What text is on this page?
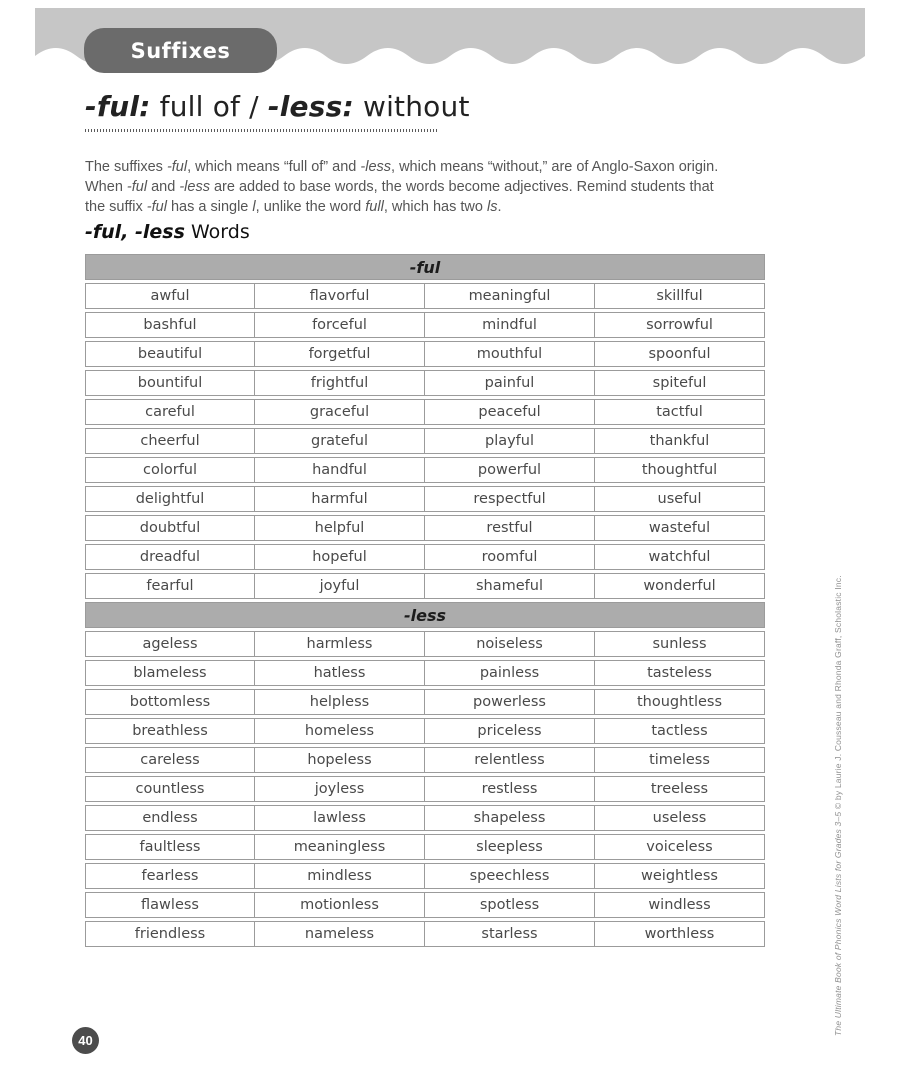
Suffixes
-ful: full of / -less: without

The suffixes -ful, which means “full of” and -less, which means “without,” are of Anglo-Saxon origin. When -ful and -less are added to base words, the words become adjectives. Remind students that the suffix -ful has a single l, unlike the word full, which has two ls.

-ful, -less Words
-ful			
awful	flavorful	meaningful	skillful
bashful	forceful	mindful	sorrowful
beautiful	forgetful	mouthful	spoonful
bountiful	frightful	painful	spiteful
careful	graceful	peaceful	tactful
cheerful	grateful	playful	thankful
colorful	handful	powerful	thoughtful
delightful	harmful	respectful	useful
doubtful	helpful	restful	wasteful
dreadful	hopeful	roomful	watchful
fearful	joyful	shameful	wonderful
-less			
ageless	harmless	noiseless	sunless
blameless	hatless	painless	tasteless
bottomless	helpless	powerless	thoughtless
breathless	homeless	priceless	tactless
careless	hopeless	relentless	timeless
countless	joyless	restless	treeless
endless	lawless	shapeless	useless
faultless	meaningless	sleepless	voiceless
fearless	mindless	speechless	weightless
flawless	motionless	spotless	windless
friendless	nameless	starless	worthless	The Ultimate Book of Phonics Word Lists for Grades 3–5 © by Laurie J. Cousseau and Rhonda Graff, Scholastic Inc.
40
